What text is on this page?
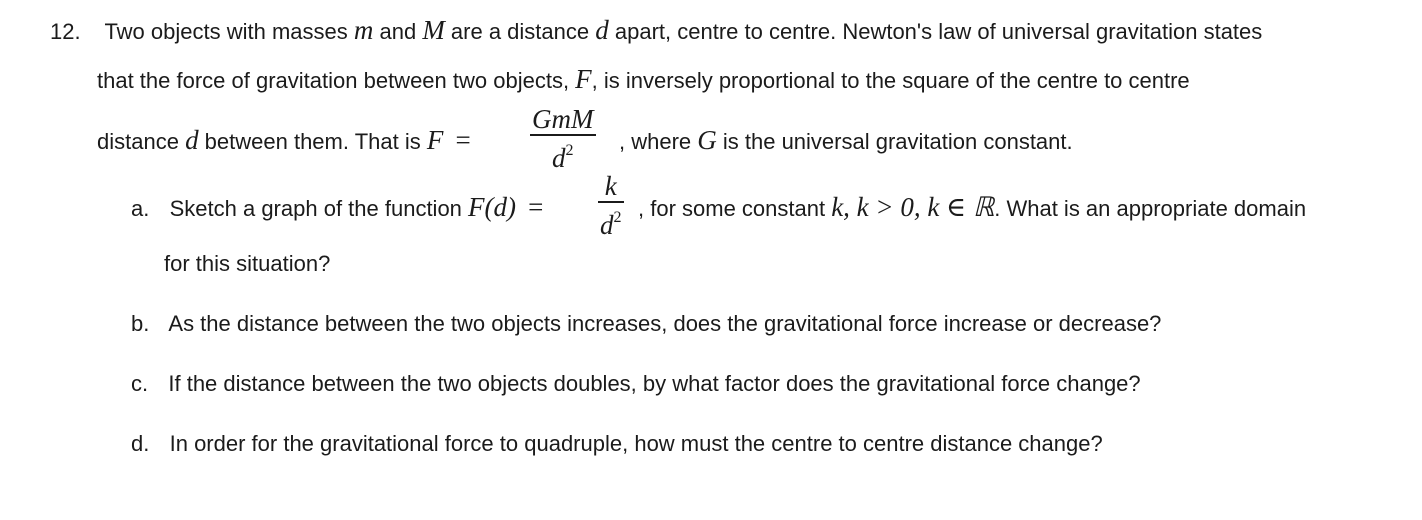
12. Two objects with masses m and M are a distance d apart, centre to centre. Newton's law of universal gravitation states
that the force of gravitation between two objects, F, is inversely proportional to the square of the centre to centre
distance d between them. That is F =
GmM
$d^2$ , where G is the universal gravitation constant.
a. Sketch a graph of the function F(d) =
k
$d^2$ , for some constant k, k > 0, k ∈ ℝ. What is an appropriate domain
for this situation?
b. As the distance between the two objects increases, does the gravitational force increase or decrease?
c. If the distance between the two objects doubles, by what factor does the gravitational force change?
d. In order for the gravitational force to quadruple, how must the centre to centre distance change?
